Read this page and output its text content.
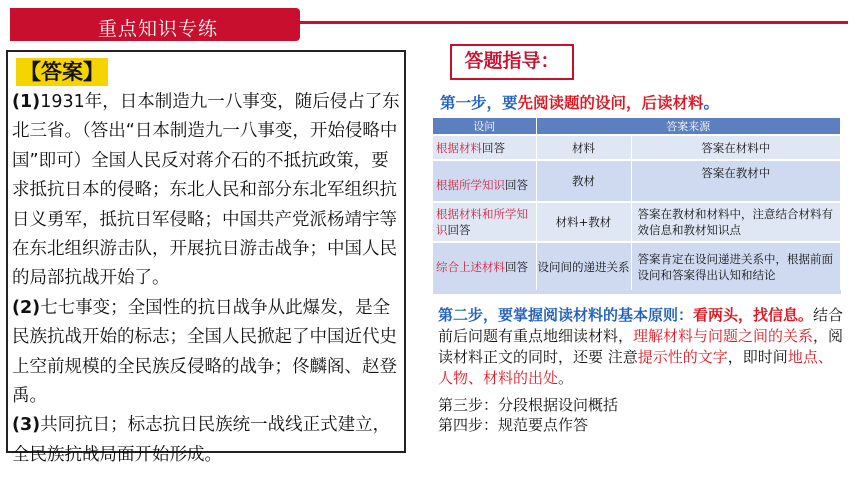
重点知识专练
【答案】

(1)1931年，日本制造九一八事变，随后侵占了东北三省。（答出“日本制造九一八事变，开始侵略中国”即可）全国人民反对蒋介石的不抵抗政策，要求抵抗日本的侵略；东北人民和部分东北军组织抗日义勇军，抵抗日军侵略；中国共产党派杨靖宇等在东北组织游击队，开展抗日游击战争；中国人民的局部抗战开始了。

(2)七七事变；全国性的抗日战争从此爆发，是全民族抗战开始的标志；全国人民掀起了中国近代史上空前规模的全民族反侵略的战争；佟麟阁、赵登禹。

(3)共同抗日；标志抗日民族统一战线正式建立，全民族抗战局面开始形成。

答题指导：
第一步，要先阅读题的设问，后读材料。
设问	答案来源	
根据材料回答	材料	答案在材料中
根据所学知识回答	教材	答案在教材中
根据材料和所学知识回答	材料+教材	答案在教材和材料中，注意结合材料有效信息和教材知识点
综合上述材料回答	设问间的递进关系	答案肯定在设问递进关系中，根据前面设问和答案得出认知和结论
第二步，要掌握阅读材料的基本原则：看两头，找信息。结合前后问题有重点地细读材料，理解材料与问题之间的关系，阅读材料正文的同时，还要 注意提示性的文字，即时间地点、人物、材料的出处。
第三步：分段根据设问概括
第四步：规范要点作答
